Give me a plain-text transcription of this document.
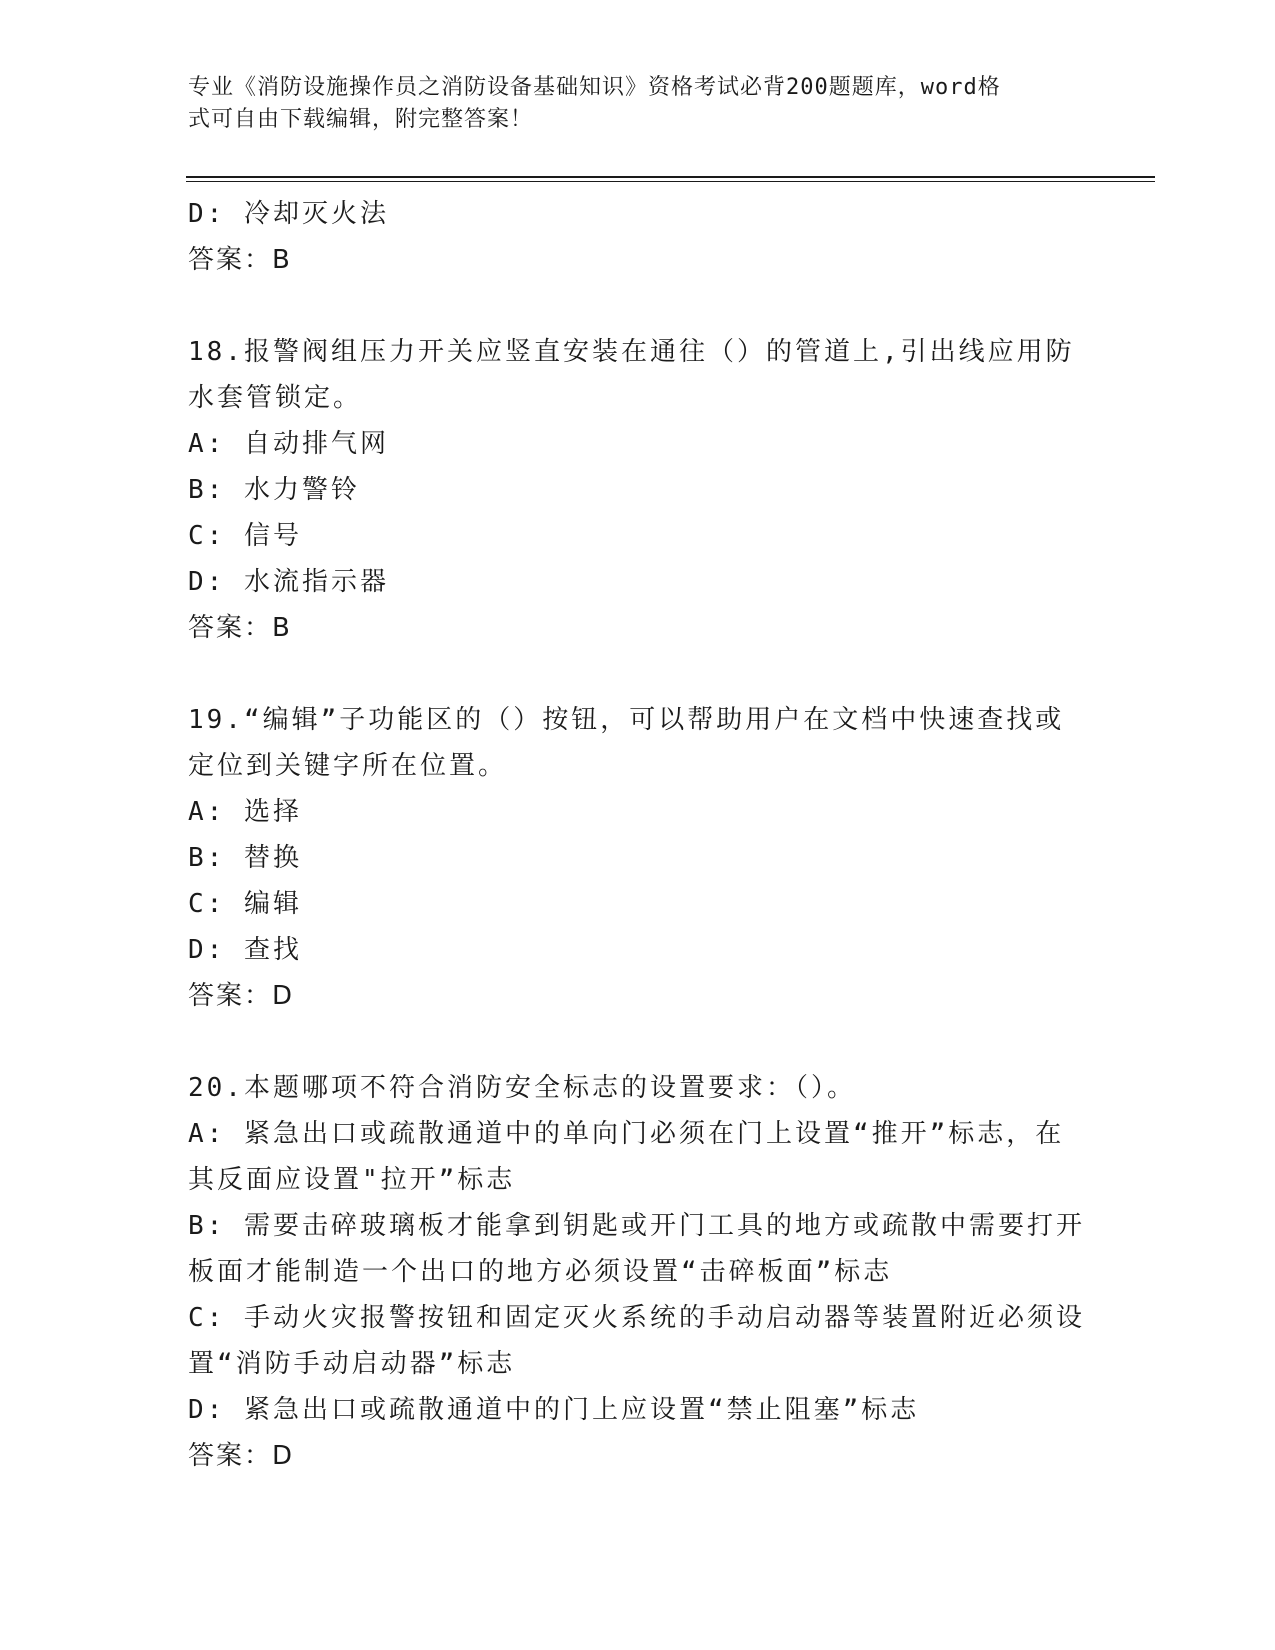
专业《消防设施操作员之消防设备基础知识》资格考试必背200题题库，word格
式可自由下载编辑，附完整答案！
D: 冷却灭火法
答案：B
18.报警阀组压力开关应竖直安装在通往（）的管道上,引出线应用防
水套管锁定。
A: 自动排气网
B: 水力警铃
C: 信号
D: 水流指示器
答案：B
19.“编辑”子功能区的（）按钮，可以帮助用户在文档中快速查找或
定位到关键字所在位置。
A: 选择
B: 替换
C: 编辑
D: 查找
答案：D
20.本题哪项不符合消防安全标志的设置要求：（）。
A: 紧急出口或疏散通道中的单向门必须在门上设置“推开”标志，在
其反面应设置"拉开”标志
B: 需要击碎玻璃板才能拿到钥匙或开门工具的地方或疏散中需要打开
板面才能制造一个出口的地方必须设置“击碎板面”标志
C: 手动火灾报警按钮和固定灭火系统的手动启动器等装置附近必须设
置“消防手动启动器”标志
D: 紧急出口或疏散通道中的门上应设置“禁止阻塞”标志
答案：D
